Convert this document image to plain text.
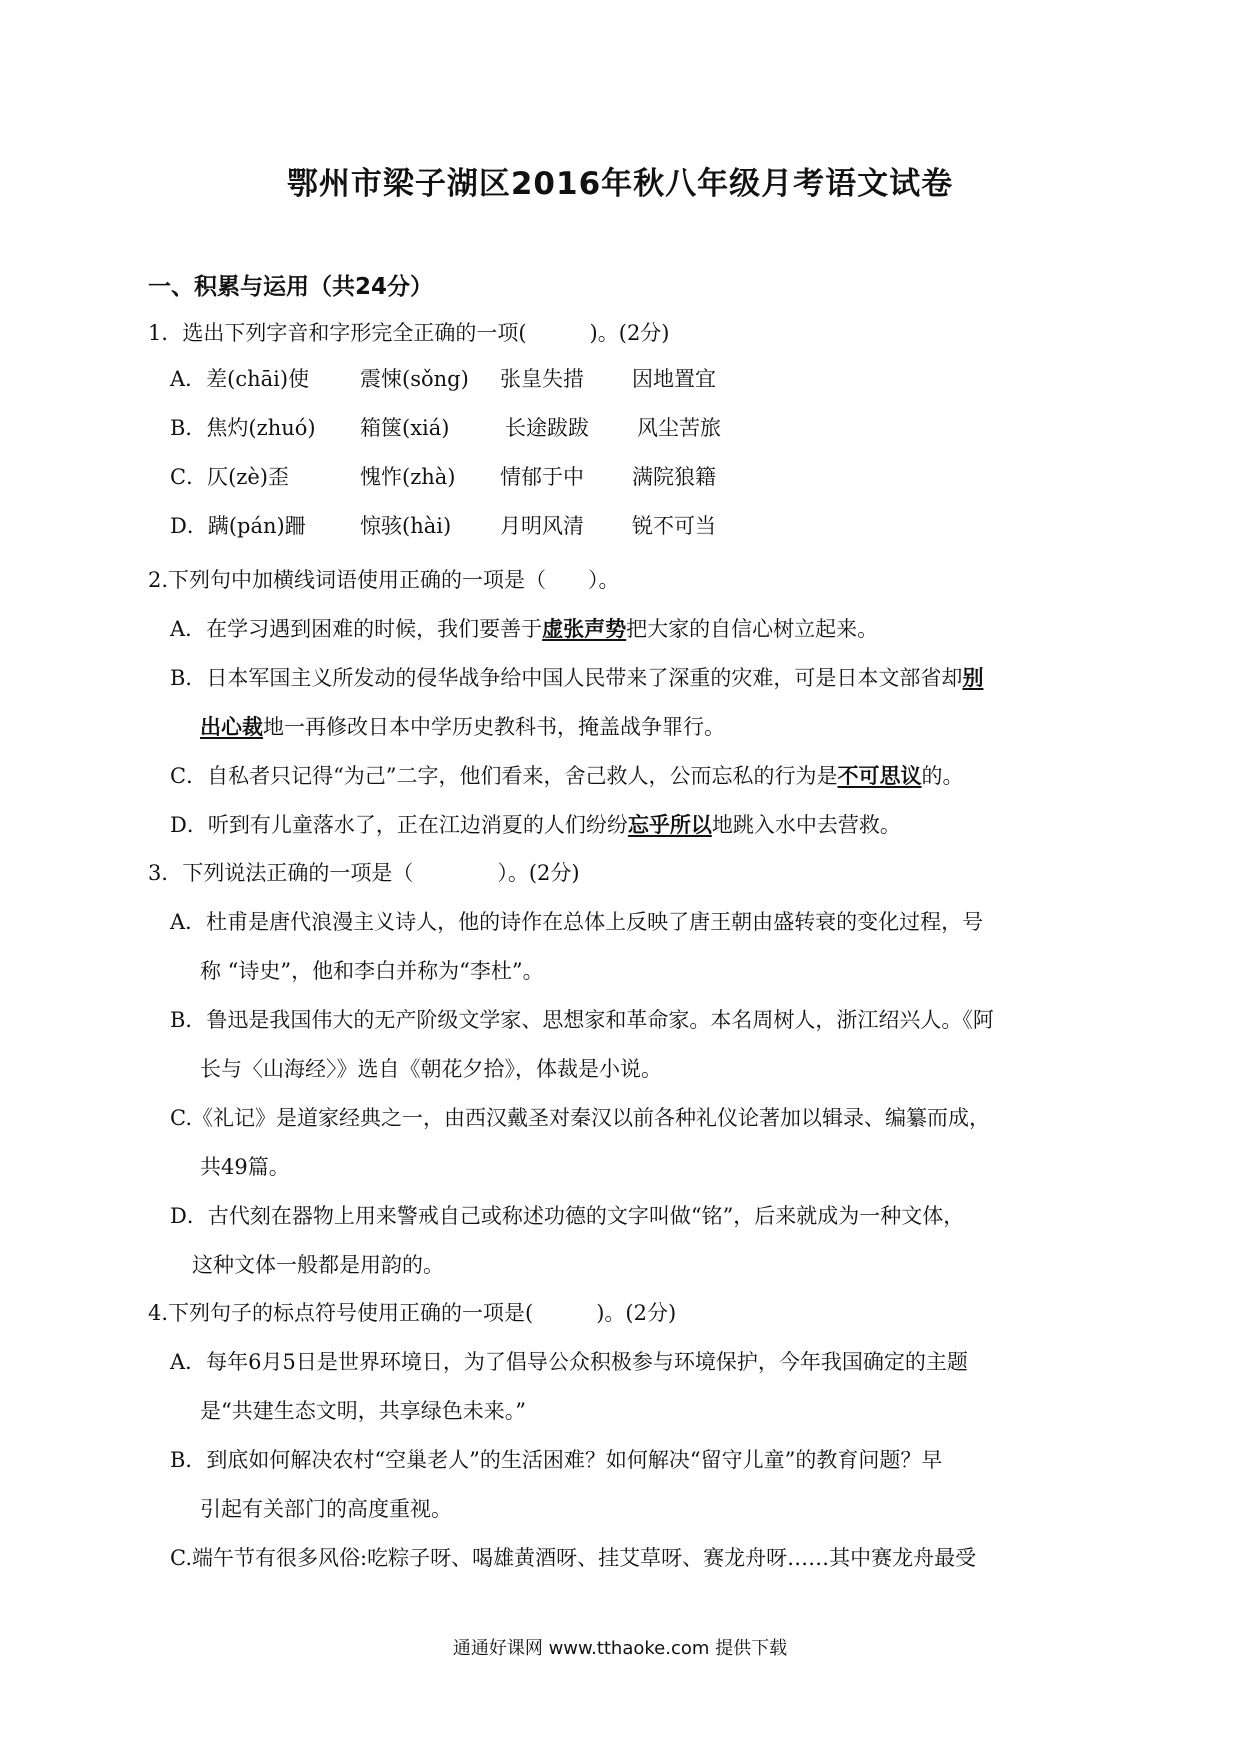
鄂州市梁子湖区2016年秋八年级月考语文试卷
一、积累与运用（共24分）
1．选出下列字音和字形完全正确的一项(　　　)。(2分)
A．差(chāi)使 震悚(sǒng) 张皇失措 因地置宜
B．焦灼(zhuó) 箱箧(xiá)	长途跋跋 风尘苦旅
C．仄(zè)歪	愧怍(zhà) 情郁于中 满院狼籍
D．蹒(pán)跚	惊骇(hài) 月明风清 锐不可当
2.下列句中加横线词语使用正确的一项是（　　）。
A．在学习遇到困难的时候，我们要善于虚张声势把大家的自信心树立起来。
B．日本军国主义所发动的侵华战争给中国人民带来了深重的灾难，可是日本文部省却别
出心裁地一再修改日本中学历史教科书，掩盖战争罪行。
C．自私者只记得“为己”二字，他们看来，舍己救人，公而忘私的行为是不可思议的。
D．听到有儿童落水了，正在江边消夏的人们纷纷忘乎所以地跳入水中去营救。
3．下列说法正确的一项是（　　　　）。(2分)
A．杜甫是唐代浪漫主义诗人，他的诗作在总体上反映了唐王朝由盛转衰的变化过程，号
称 “诗史”，他和李白并称为“李杜”。
B．鲁迅是我国伟大的无产阶级文学家、思想家和革命家。本名周树人，浙江绍兴人。《阿
长与〈山海经〉》选自《朝花夕拾》，体裁是小说。
C.《礼记》是道家经典之一，由西汉戴圣对秦汉以前各种礼仪论著加以辑录、编纂而成，
共49篇。
D．古代刻在器物上用来警戒自己或称述功德的文字叫做“铭”，后来就成为一种文体，
这种文体一般都是用韵的。
4.下列句子的标点符号使用正确的一项是(　　　)。(2分)
A．每年6月5日是世界环境日，为了倡导公众积极参与环境保护，今年我国确定的主题
是“共建生态文明，共享绿色未来。”
B．到底如何解决农村“空巢老人”的生活困难？如何解决“留守儿童”的教育问题？早
引起有关部门的高度重视。
C.端午节有很多风俗:吃粽子呀、喝雄黄酒呀、挂艾草呀、赛龙舟呀……其中赛龙舟最受
通通好课网 www.tthaoke.com 提供下载
